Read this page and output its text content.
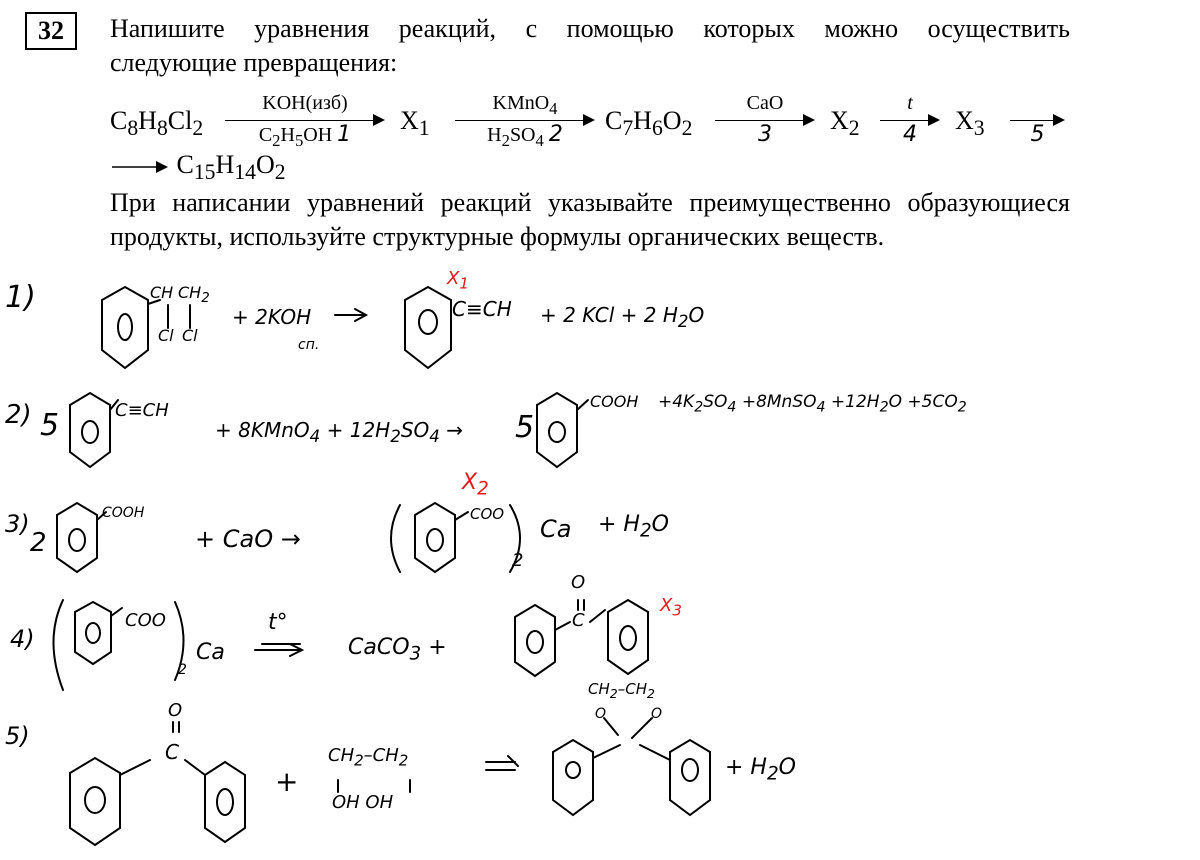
32	Напишите уравнения реакций, с помощью которых можно осуществить

следующие превращения:

$C_8H_8Cl_2$
KOH(изб)
$C_2H_5OH$ 1	$X_1$
KMnO$_4$
$H_2SO_4$ 2	$C_7H_6O_2$
CaO
3	$X_2$
t
4	$X_3$	5
$C_{15}H_{14}O_2$

При написании уравнений реакций указывайте преимущественно образующиеся

продукты, используйте структурные формулы органических веществ.

1)	CH $CH_2$
Cl Cl
+ 2KOH
сп.
$X_1$
C≡CH + 2 KCl + 2 $H_2O$
2) 5	C≡CH
+ 8KMnO$_4$ + $12H_2SO_4 \to 5$
COOH $+4K_2SO_4$ +8MnSO$_4$ $+12H_2O +5CO_2$
3)
2
COOH
+ CaO →
$X_2$
COO
2
$Ca + H_2O$
4)
COO
2
Ca
t°
CaCO$_3$ +
O
C
$X_3$
5)
O
C
+
$CH_2-CH_2$
OH OH
$CH_2-CH_2$
O	O
+ $H_2O$
